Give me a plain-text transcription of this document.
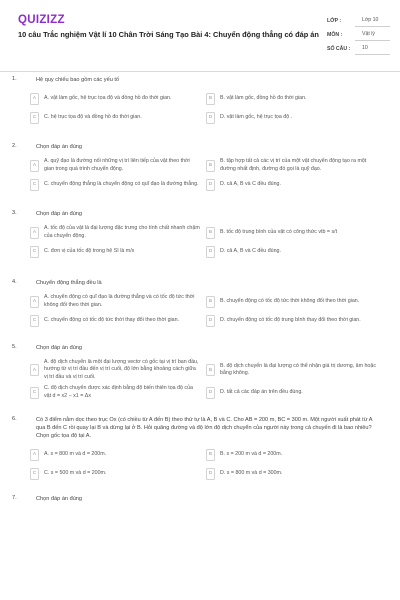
QUIZIZZ
10 câu Trắc nghiệm Vật lí 10 Chân Trời Sáng Tạo Bài 4: Chuyển động thẳng có đáp án
LỚP :	Lớp 10
MÔN :	Vật lý
SỐ CÂU :	10
1.	Hệ quy chiếu bao gồm các yếu tố
A	A. vật làm gốc, hệ trục tọa độ và đồng hồ đo thời gian.	B	B. vật làm gốc, đồng hồ đo thời gian.
C	C. hệ trục tọa độ và đồng hồ đo thời gian.	D	D. vật làm gốc, hệ trục tọa độ .
2.	Chọn đáp án đúng
A
A. quỹ đạo là đường nối những vị trí liên tiếp của vật theo thời gian trong quá trình chuyển động.	B
B. tập hợp tất cả các vị trí của một vật chuyển động tạo ra một đường nhất định, đường đó gọi là quỹ đạo.
C	C. chuyển động thẳng là chuyển động có quĩ đạo là đường thẳng.	D	D. cả A, B và C đều đúng.
3.	Chọn đáp án đúng
A
A. tốc độ của vật là đại lượng đặc trưng cho tính chất nhanh chậm của chuyển động.	B	B. tốc độ trung bình của vật có công thức vtb = s/t
C	C. đơn vị của tốc độ trong hệ SI là m/s	D	D. cả A, B và C đều đúng.
4.	Chuyển động thẳng đều là
A
A. chuyển động có quĩ đạo là đường thẳng và có tốc độ tức thời không đổi theo thời gian.	B	B. chuyển động có tốc độ tức thời không đổi theo thời gian.
C	C. chuyển động có tốc độ tức thời thay đổi theo thời gian.	D	D. chuyển động có tốc độ trung bình thay đổi theo thời gian.
5.	Chọn đáp án đúng
A
A. độ dịch chuyển là một đại lượng vectơ có gốc tại vị trí ban đầu, hướng từ vị trí đầu đến vị trí cuối, độ lớn bằng khoảng cách giữa vị trí đầu và vị trí cuối.
B
B. độ dịch chuyển là đại lượng có thể nhận giá trị dương, âm hoặc bằng không.
C
C. độ dịch chuyển được xác định bằng độ biến thiên tọa độ của vật d = x2 − x1 = Δx	D	D. tất cả các đáp án trên đều đúng.
6.	Có 3 điểm nằm dọc theo trục Ox (có chiều từ A đến B) theo thứ tự là A, B và C. Cho AB = 200 m, BC = 300 m. Một người xuất phát từ A qua B đến C rồi quay lại B và dừng lại ở B. Hỏi quãng đường và độ lớn độ dịch chuyển của người này trong cả chuyến đi là bao nhiêu? Chọn gốc tọa độ tại A.
A	A. s = 800 m và d = 200m.	B	B. s = 200 m và d = 200m.
C	C. s = 500 m và d = 200m.	D	D. s = 800 m và d = 300m.
7.	Chọn đáp án đúng
